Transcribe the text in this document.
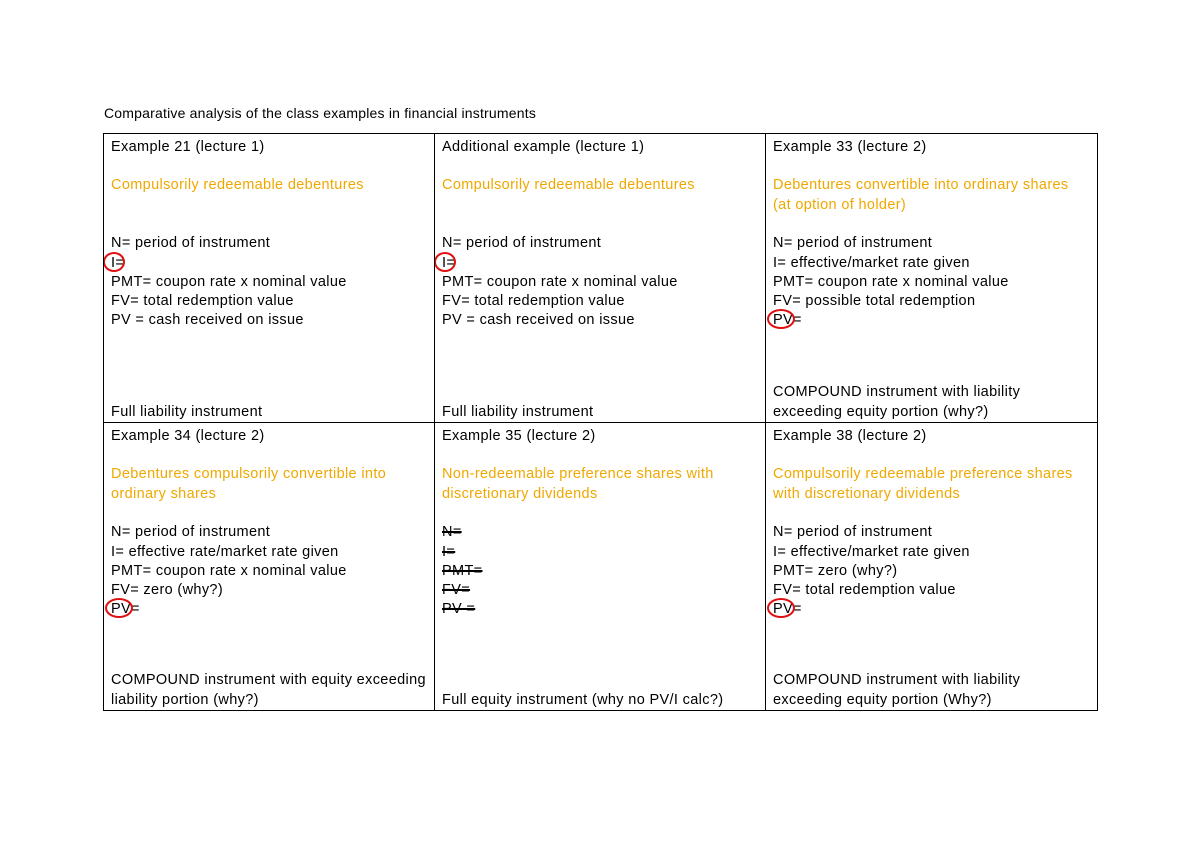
Comparative analysis of the class examples in financial instruments
Example 21 (lecture 1)
Compulsorily redeemable debentures
N= period of instrument
I=
PMT= coupon rate x nominal value
FV= total redemption value
PV = cash received on issue
Full liability instrument
Additional example (lecture 1)
Compulsorily redeemable debentures
N= period of instrument
I=
PMT= coupon rate x nominal value
FV= total redemption value
PV = cash received on issue
Full liability instrument
Example 33 (lecture 2)
Debentures convertible into ordinary shares (at option of holder)
N= period of instrument
I= effective/market rate given
PMT= coupon rate x nominal value
FV= possible total redemption
PV=
COMPOUND instrument with liability exceeding equity portion (why?)
Example 34 (lecture 2)
Debentures compulsorily convertible into ordinary shares
N= period of instrument
I= effective rate/market rate given
PMT= coupon rate x nominal value
FV= zero (why?)
PV=
COMPOUND instrument with equity exceeding liability portion (why?)
Example 35 (lecture 2)
Non-redeemable preference shares with discretionary dividends
N=
I=
PMT=
FV=
PV =
Full equity instrument (why no PV/I calc?)
Example 38 (lecture 2)
Compulsorily redeemable preference shares with discretionary dividends
N= period of instrument
I= effective/market rate given
PMT= zero (why?)
FV= total redemption value
PV=
COMPOUND instrument with liability exceeding equity portion (Why?)
